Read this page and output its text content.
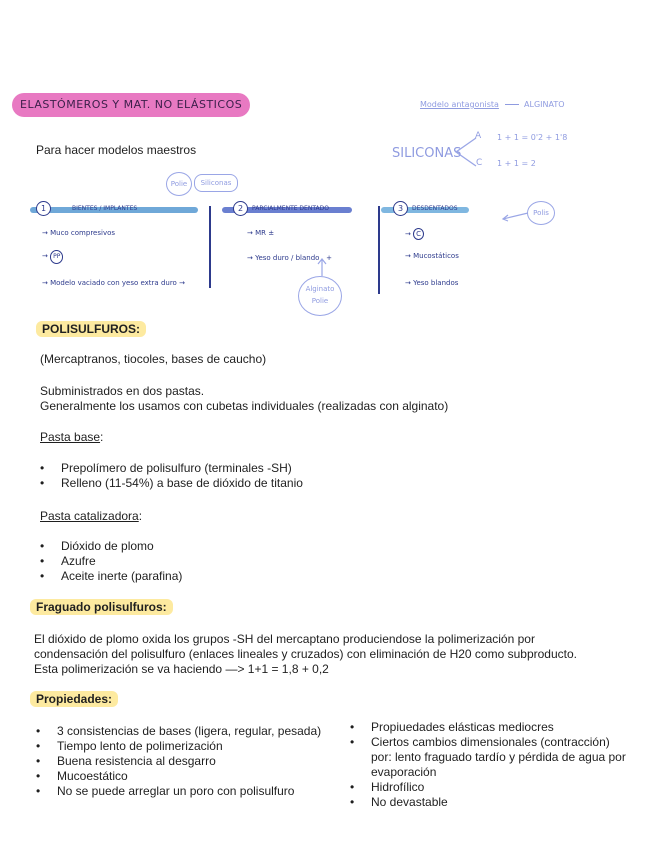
ELASTÓMEROS Y MAT. NO ELÁSTICOS	Modelo antagonista	ALGINATO
SILICONAS
A 1 + 1 = 0'2 + 1'8
C 1 + 1 = 2
Para hacer modelos maestros
Polie	Siliconas
Polis
Alginato
Polie
1	BIENTES / IMPLANTES
→ Muco compresivos
→ PP
→ Modelo vaciado con yeso extra duro →
2	PARCIALMENTE DENTADO
→ MR ±
→ Yeso duro / blando   +
3	DESDENTADOS
→ C
→ Mucostáticos
→ Yeso blandos
POLISULFUROS:
(Mercaptranos, tiocoles, bases de caucho)
Subministrados en dos pastas.
Generalmente los usamos con cubetas individuales (realizadas con alginato)
Pasta base:
• Prepolímero de polisulfuro (terminales -SH)
• Relleno (11-54%) a base de dióxido de titanio
Pasta catalizadora:
• Dióxido de plomo
• Azufre
• Aceite inerte (parafina)
Fraguado polisulfuros:
El dióxido de plomo oxida los grupos -SH del mercaptano produciendose la polimerización por
condensación del polisulfuro (enlaces lineales y cruzados) con eliminación de H20 como subproducto.
Esta polimerización se va haciendo —> 1+1 = 1,8 + 0,2
Propiedades:
• 3 consistencias de bases (ligera, regular, pesada)
• Tiempo lento de polimerización
• Buena resistencia al desgarro
• Mucoestático
• No se puede arreglar un poro con polisulfuro
• Propiuedades elásticas mediocres
• Ciertos cambios dimensionales (contracción) por: lento fraguado tardío y pérdida de agua por evaporación
• Hidrofílico
• No devastable
